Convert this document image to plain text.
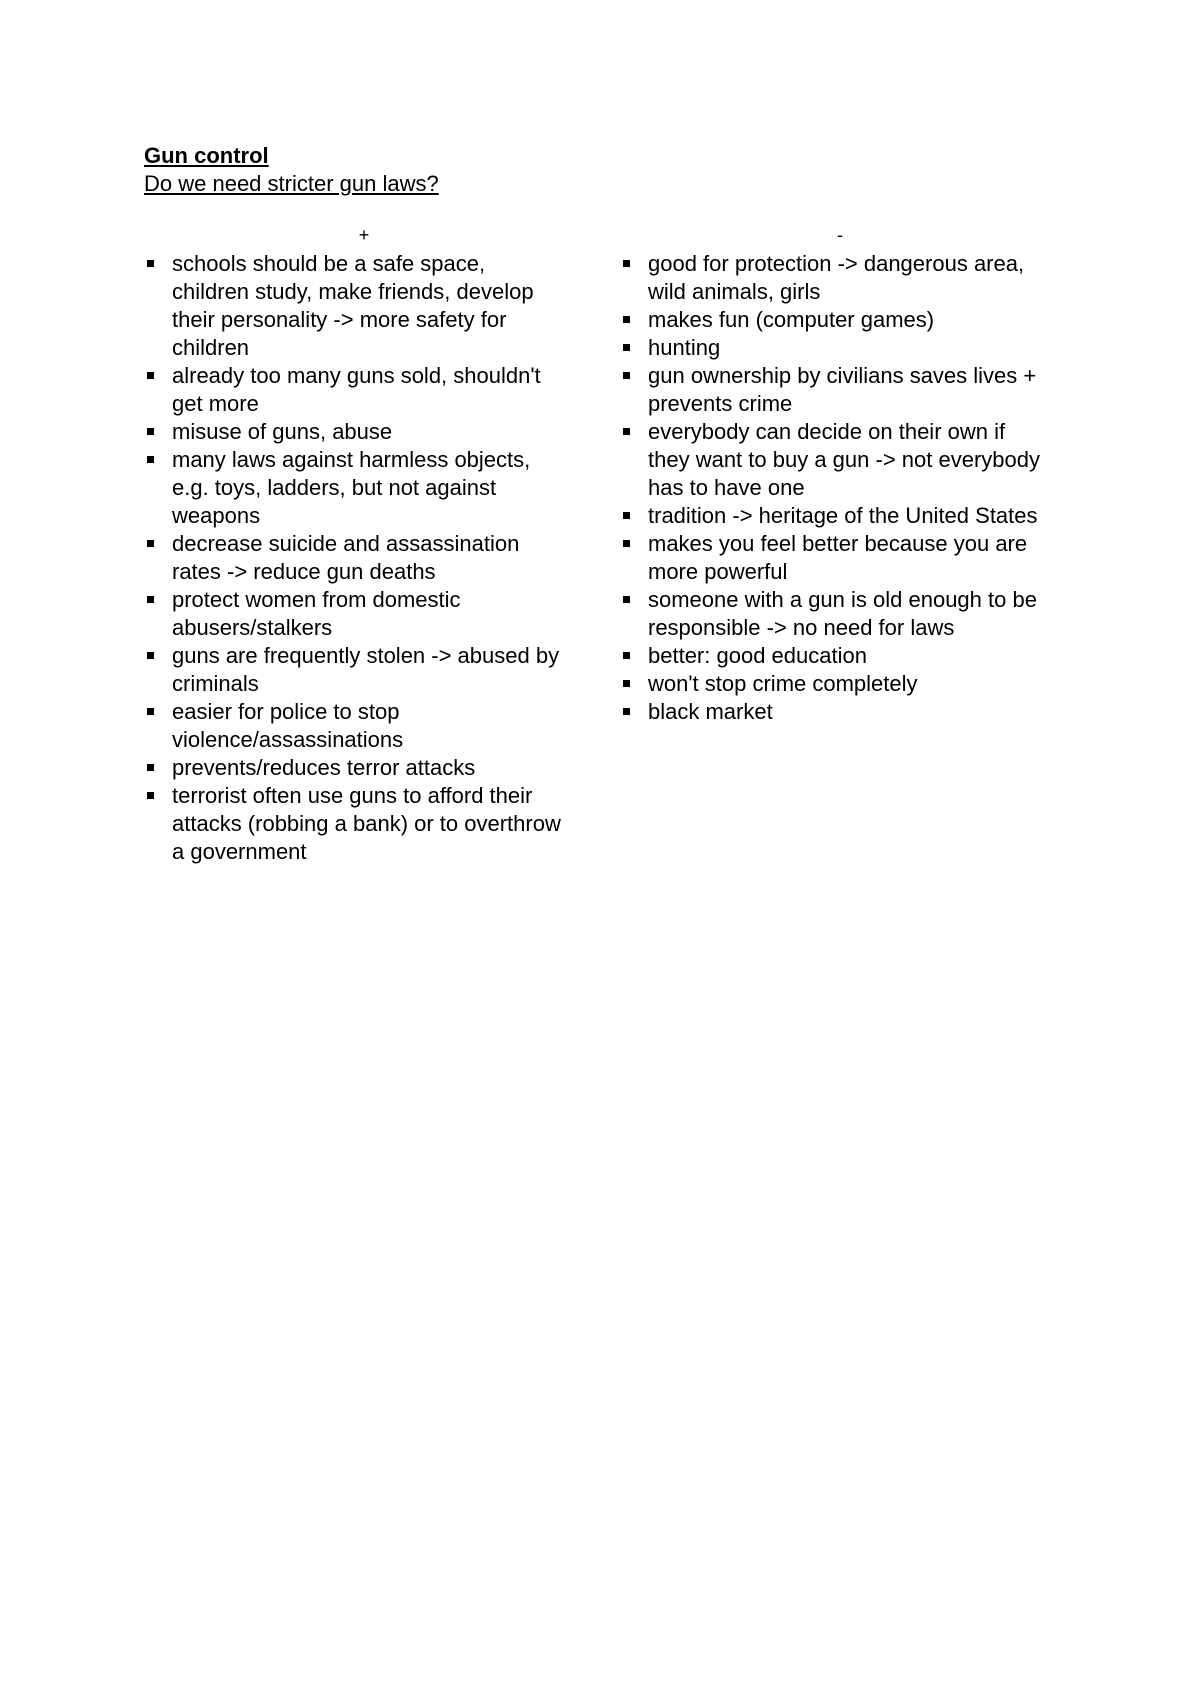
Gun control

Do we need stricter gun laws?

+
schools should be a safe space, children study, make friends, develop their personality -> more safety for children
already too many guns sold, shouldn't get more
misuse of guns, abuse
many laws against harmless objects, e.g. toys, ladders, but not against weapons
decrease suicide and assassination rates -> reduce gun deaths
protect women from domestic abusers/stalkers
guns are frequently stolen -> abused by criminals
easier for police to stop violence/assassinations
prevents/reduces terror attacks
terrorist often use guns to afford their attacks (robbing a bank) or to overthrow a government
-
good for protection -> dangerous area, wild animals, girls
makes fun (computer games)
hunting
gun ownership by civilians saves lives + prevents crime
everybody can decide on their own if they want to buy a gun -> not everybody has to have one
tradition -> heritage of the United States
makes you feel better because you are more powerful
someone with a gun is old enough to be responsible -> no need for laws
better: good education
won't stop crime completely
black market
